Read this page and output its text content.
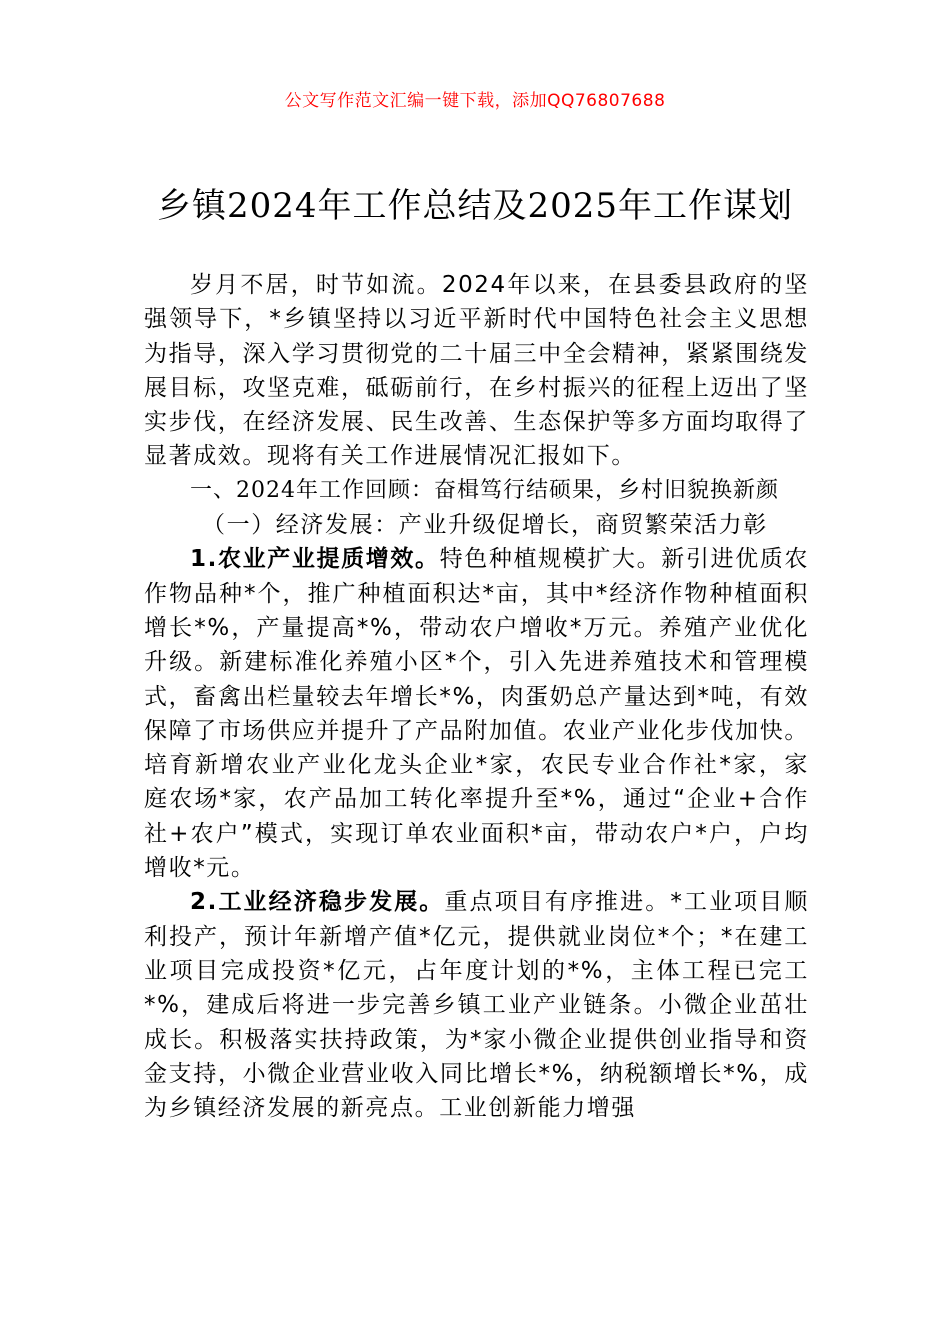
公文写作范文汇编一键下载，添加QQ76807688
乡镇2024年工作总结及2025年工作谋划

岁月不居，时节如流。2024年以来，在县委县政府的坚强领导下，*乡镇坚持以习近平新时代中国特色社会主义思想为指导，深入学习贯彻党的二十届三中全会精神，紧紧围绕发展目标，攻坚克难，砥砺前行，在乡村振兴的征程上迈出了坚实步伐，在经济发展、民生改善、生态保护等多方面均取得了显著成效。现将有关工作进展情况汇报如下。

一、2024年工作回顾：奋楫笃行结硕果，乡村旧貌换新颜

（一）经济发展：产业升级促增长，商贸繁荣活力彰

1.农业产业提质增效。特色种植规模扩大。新引进优质农作物品种*个，推广种植面积达*亩，其中*经济作物种植面积增长*%，产量提高*%，带动农户增收*万元。养殖产业优化升级。新建标准化养殖小区*个，引入先进养殖技术和管理模式，畜禽出栏量较去年增长*%，肉蛋奶总产量达到*吨，有效保障了市场供应并提升了产品附加值。农业产业化步伐加快。培育新增农业产业化龙头企业*家，农民专业合作社*家，家庭农场*家，农产品加工转化率提升至*%，通过“企业+合作社+农户”模式，实现订单农业面积*亩，带动农户*户，户均增收*元。

2.工业经济稳步发展。重点项目有序推进。*工业项目顺利投产，预计年新增产值*亿元，提供就业岗位*个；*在建工业项目完成投资*亿元，占年度计划的*%，主体工程已完工*%，建成后将进一步完善乡镇工业产业链条。小微企业茁壮成长。积极落实扶持政策，为*家小微企业提供创业指导和资金支持，小微企业营业收入同比增长*%，纳税额增长*%，成为乡镇经济发展的新亮点。工业创新能力增强
